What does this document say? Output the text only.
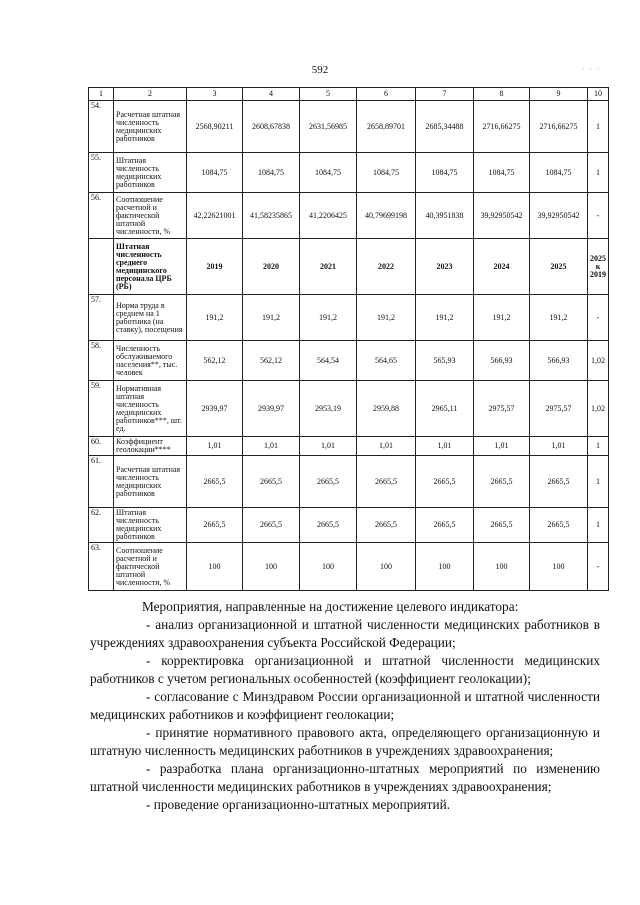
592	· · ·
1	2	3	4	5	6	7	8	9	10
54.	Расчетная штатная численность медицинских работников	2568,90211	2608,67838	2631,56985	2658,89701	2685,34488	2716,66275	2716,66275	1
55.	Штатная численность медицинских работников	1084,75	1084,75	1084,75	1084,75	1084,75	1084,75	1084,75	1
56.	Соотношение расчетной и фактической штатной численности, %	42,22621001	41,58235865	41,2206425	40,79699198	40,3951838	39,92950542	39,92950542	-
	Штатная численность среднего медицинского персонала ЦРБ (РБ)	2019	2020	2021	2022	2023	2024	2025	2025 к 2019
57.	Норма труда в среднем на 1 работника (на ставку), посещения	191,2	191,2	191,2	191,2	191,2	191,2	191,2	-
58.	Численность обслуживаемого населения**, тыс. человек	562,12	562,12	564,54	564,65	565,93	566,93	566,93	1,02
59.	Нормативная штатная численность медицинских работников***, шт. ед.	2939,97	2939,97	2953,19	2959,88	2965,11	2975,57	2975,57	1,02
60.	Коэффициент геолокации****	1,01	1,01	1,01	1,01	1,01	1,01	1,01	1
61.	Расчетная штатная численность медицинских работников	2665,5	2665,5	2665,5	2665,5	2665,5	2665,5	2665,5	1
62.	Штатная численность медицинских работников	2665,5	2665,5	2665,5	2665,5	2665,5	2665,5	2665,5	1
63.	Соотношение расчетной и фактической штатной численности, %	100	100	100	100	100	100	100	-

Мероприятия, направленные на достижение целевого индикатора:

- анализ организационной и штатной численности медицинских работников в учреждениях здравоохранения субъекта Российской Федерации;

- корректировка организационной и штатной численности медицинских работников с учетом региональных особенностей (коэффициент геолокации);

- согласование с Минздравом России организационной и штатной численности медицинских работников и коэффициент геолокации;

- принятие нормативного правового акта, определяющего организационную и штатную численность медицинских работников в учреждениях здравоохранения;

- разработка плана организационно-штатных мероприятий по изменению штатной численности медицинских работников в учреждениях здравоохранения;

- проведение организационно-штатных мероприятий.
